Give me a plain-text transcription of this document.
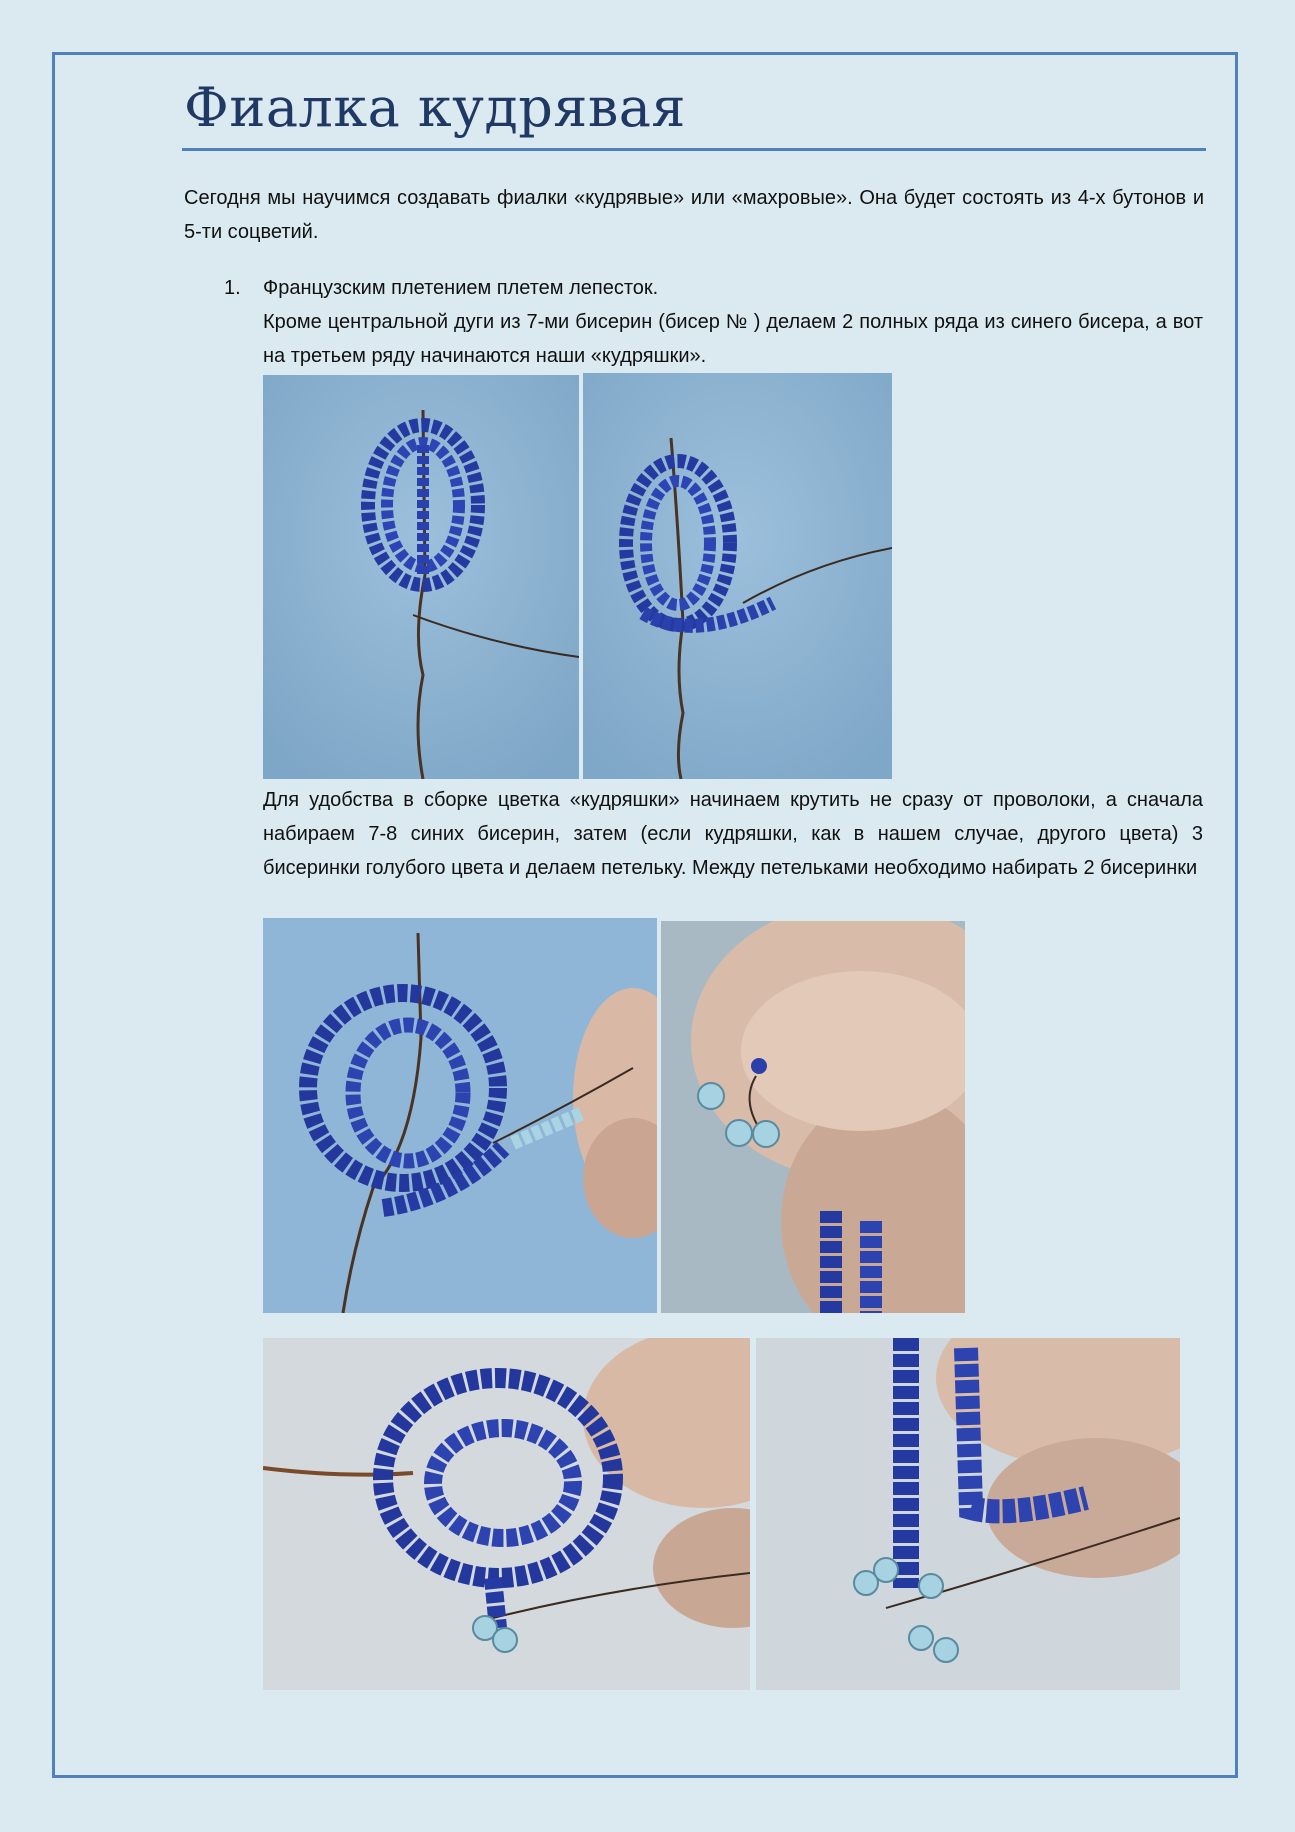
Фиалка кудрявая

Сегодня мы научимся создавать фиалки «кудрявые» или «махровые». Она будет состоять из 4-х бутонов и 5-ти соцветий.

1. Французским плетением плетем лепесток.

Кроме центральной дуги из 7-ми бисерин (бисер № ) делаем 2 полных ряда из синего бисера, а вот на третьем ряду начинаются наши «кудряшки».

Для удобства в сборке цветка «кудряшки» начинаем крутить не сразу от проволоки, а сначала набираем 7-8 синих бисерин, затем (если кудряшки, как в нашем случае, другого цвета) 3 бисеринки голубого цвета и делаем петельку. Между петельками необходимо набирать 2 бисеринки
